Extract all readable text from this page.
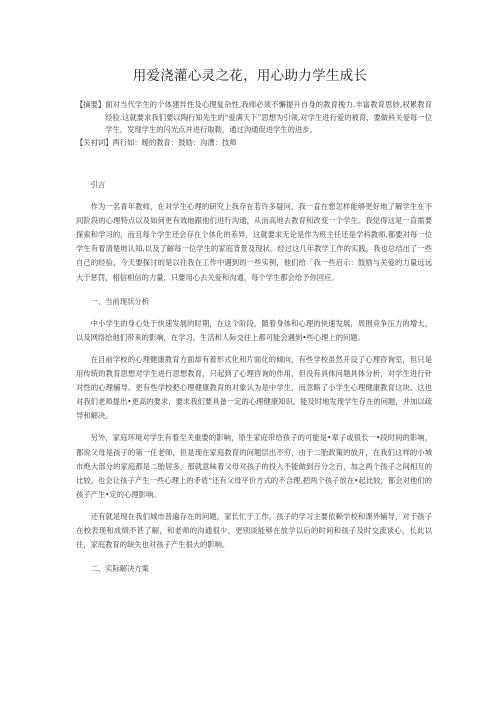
用爱浇灌心灵之花，用心助力学生成长
【摘要】 面对当代学生的个体建异性及心理复杂性,我师必须不懈提升自身的教育挽力.丰富教育思妙,权累教育经验.这就要求我们要以陶行知先生的“爱满天下”思想为引领,对学生进行爱的被育，要做科关爱每一位学生，发现学生的闪光点并进行取勒，通过沟通促进学生的进步。
【关衬词】 两行如：暧的教育：鼓励：沟漕：技师
引言

作为一名青年教师，在对学生心理的研究上我存在若许多疑问，我一直在想怎样能够更好地了解学生在不同阶段的心理特点以及如何更有效地跟他们进行沟通，从而高地去教育和改变一个学生。我觉得这是一直需要探索和学习的，而且每个学生还会存在个体化的差异，这就要求无论是作为班主任还是学科教师,都要对每一位学生有着清楚地认知,以及了解每一位学生的家庭背景及现状。经过这几年教学工作的实践，我也总结出了一些自己的经验，今天要探讨的是以往我在工作中遇到的一些实例，他们给「我一些启示：鼓励与关爱的力量远远大于惩罚，相信相信的力量，只要用心去关爱和沟通，每个学生都会给予你回应。

一、当前现状分析

中小学生的身心处于快速发展的时期，在这个阶段，随着身体和心理的快速发展，周围竞争压力的增大，以及网络给他们带来的影响，在学习，生活和人际交往上都可能会遇到•些心理上的问题。

在目前学校的心理健康教育方面却有着形式化和片面化的倾向，有些学校虽然开设了心理咨询室，但只是用传统的教育思想对学生进行思想教育，只起到了心理咨询的作用，但没有具体问题具体分析，对学生进行针对性的心理辅导。更有些学校把心理健康教育的对象认为是中学生，而忽略了小学生心理健康教育这块。这也对我们老师提出•更高的要求，要求我们要具备一定的心理健康知识，能及时地发现学生存在的问题，并加以疏导和解决。

另外，家庭环境对学生有着至关重要的影响，原生家庭带给孩子的可能是•辈子或很长一•段时间的影响，都说父母是孩子的第一任老师，但是现在家庭教育的问题层出不穷，由于二胎政策的放开，在我们这样的小城市绝大部分的家庭都是二胎居多，那就意味着父母对孩子的投入不能做到百分之百，加之两个孩子之间相互的比较，也会让孩子产生一些心理上的矛盾“还有父母平价方式的不合理,把两个孩子放在•起比较，都会对他们的孩子产生•定的心理影响。

还有就是现在我们城市普遍存在的问题，家长忙于工作，孩子的学习主要依赖学校和课外辅导，对于孩子在校表现和成绩不甚了解，和老师的沟通很少，更别谈能够在放学以后的时间和孩子及时交流谈心，长此以往，家庭教育的缺失也对孩子产生很大的影响。

二、实际解决方案
